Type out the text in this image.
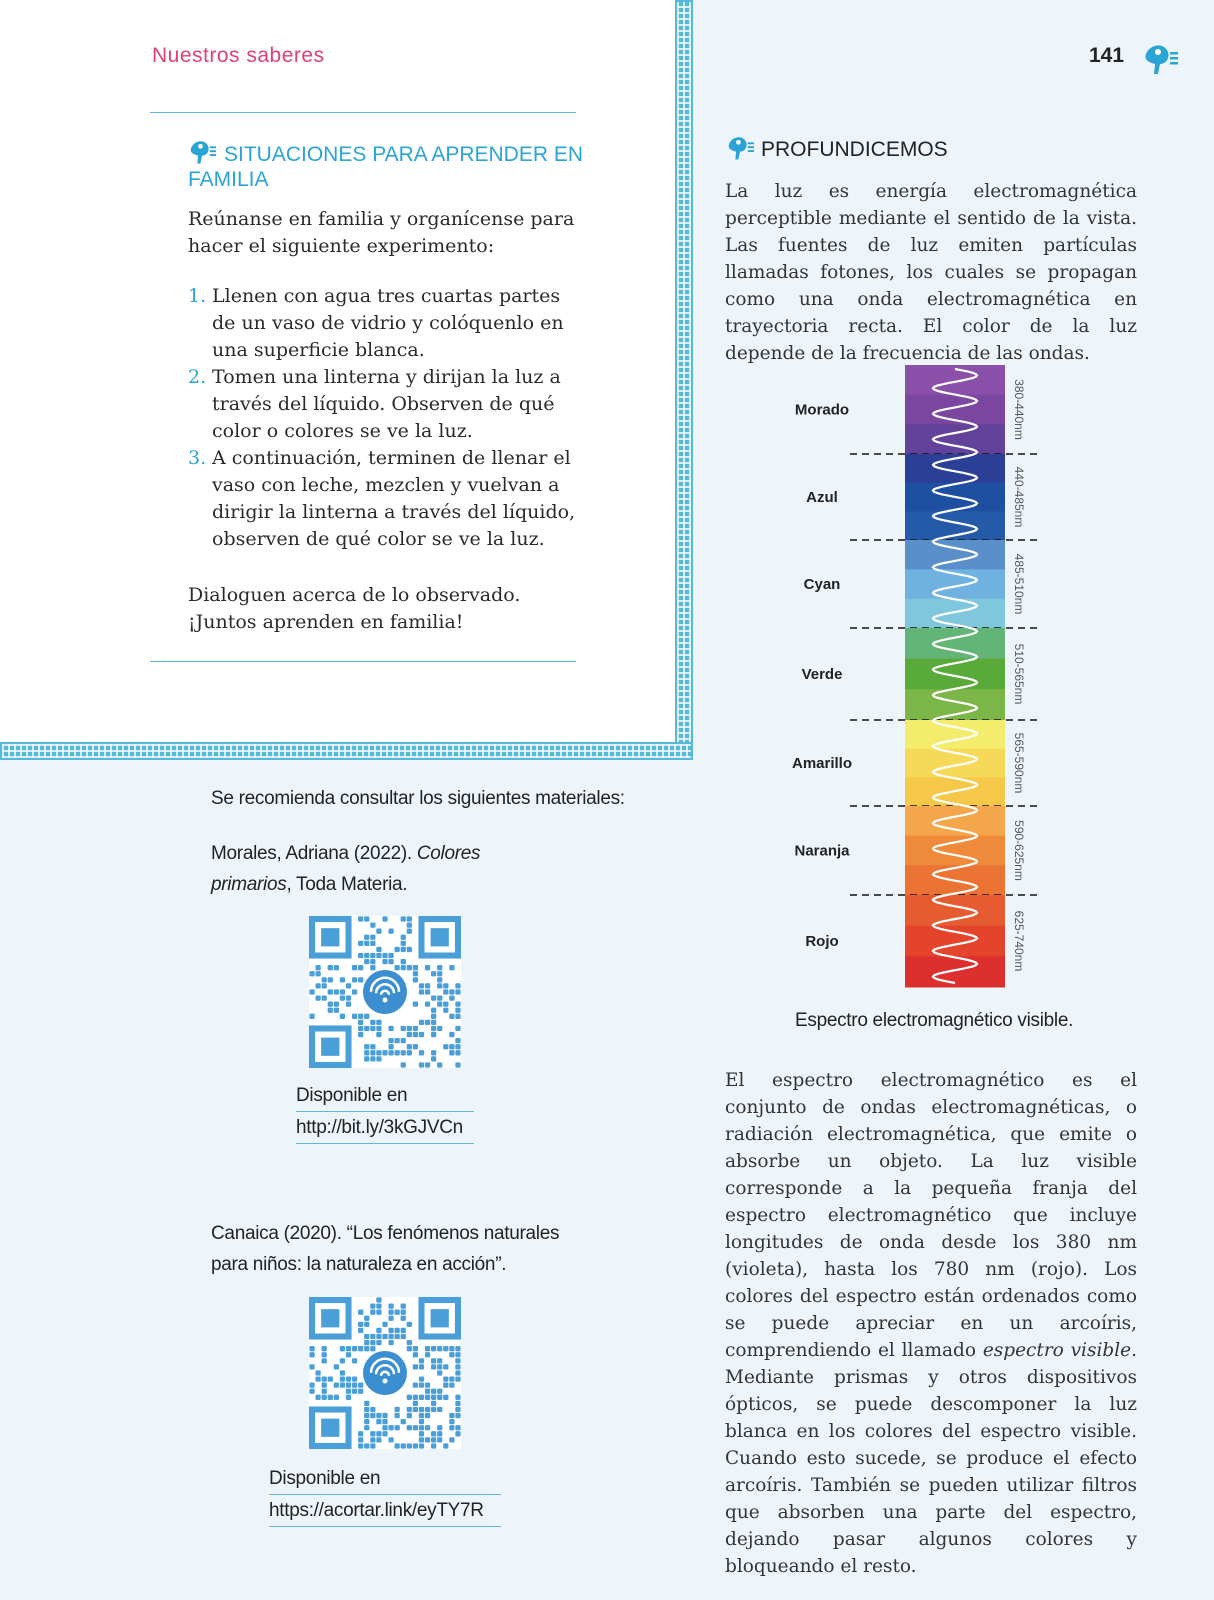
Nuestros saberes	141
SITUACIONES PARA APRENDER EN FAMILIA
Reúnanse en familia y organícense para hacer el siguiente experimento:
1. Llenen con agua tres cuartas partes de un vaso de vidrio y colóquenlo en una superficie blanca.
2. Tomen una linterna y dirijan la luz a través del líquido. Observen de qué color o colores se ve la luz.
3. A continuación, terminen de llenar el vaso con leche, mezclen y vuelvan a dirigir la linterna a través del líquido, observen de qué color se ve la luz.
Dialoguen acerca de lo observado.
¡Juntos aprenden en familia!
Se recomienda consultar los siguientes materiales:
Morales, Adriana (2022). Colores primarios, Toda Materia.
Disponible en
http://bit.ly/3kGJVCn
Canaica (2020). “Los fenómenos naturales para niños: la naturaleza en acción”.
Disponible en
https://acortar.link/eyTY7R
PROFUNDICEMOS
La luz es energía electromagnética perceptible mediante el sentido de la vista. Las fuentes de luz emiten partículas llamadas fotones, los cuales se propagan como una onda electromagnética en trayectoria recta. El color de la luz depende de la frecuencia de las ondas.
Morado	380-440nm
Azul	440-485nm
Cyan	485-510nm
Verde	510-565nm
Amarillo	565-590nm
Naranja	590-625nm
Rojo	625-740nm
Espectro electromagnético visible.
El espectro electromagnético es el conjunto de ondas electromagnéticas, o radiación electromagnética, que emite o absorbe un objeto. La luz visible corresponde a la pequeña franja del espectro electromagnético que incluye longitudes de onda desde los 380 nm (violeta), hasta los 780 nm (rojo). Los colores del espectro están ordenados como se puede apreciar en un arcoíris, comprendiendo el llamado espectro visible. Mediante prismas y otros dispositivos ópticos, se puede descomponer la luz blanca en los colores del espectro visible. Cuando esto sucede, se produce el efecto arcoíris. También se pueden utilizar filtros que absorben una parte del espectro, dejando pasar algunos colores y bloqueando el resto.
